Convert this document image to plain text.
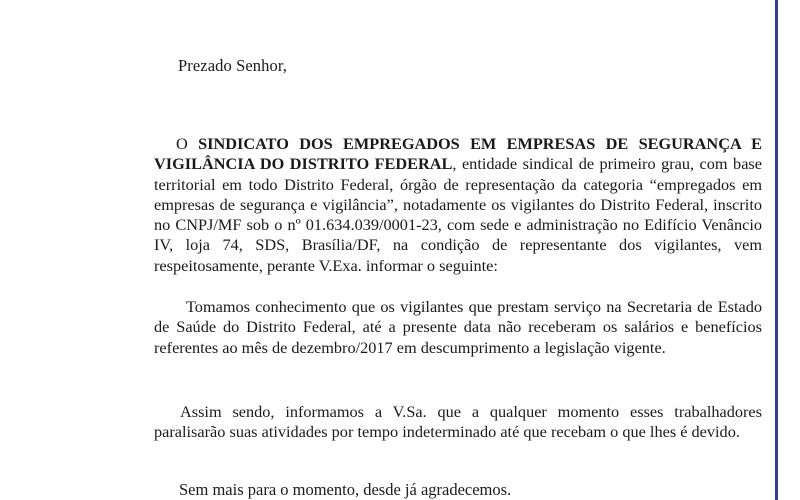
Prezado Senhor,

O SINDICATO DOS EMPREGADOS EM EMPRESAS DE SEGURANÇA E VIGILÂNCIA DO DISTRITO FEDERAL, entidade sindical de primeiro grau, com base territorial em todo Distrito Federal, órgão de representação da categoria “empregados em empresas de segurança e vigilância”, notadamente os vigilantes do Distrito Federal, inscrito no CNPJ/MF sob o nº 01.634.039/0001-23, com sede e administração no Edifício Venâncio IV, loja 74, SDS, Brasília/DF, na condição de representante dos vigilantes, vem respeitosamente, perante V.Exa. informar o seguinte:

Tomamos conhecimento que os vigilantes que prestam serviço na Secretaria de Estado de Saúde do Distrito Federal, até a presente data não receberam os salários e benefícios referentes ao mês de dezembro/2017 em descumprimento a legislação vigente.

Assim sendo, informamos a V.Sa. que a qualquer momento esses trabalhadores paralisarão suas atividades por tempo indeterminado até que recebam o que lhes é devido.

Sem mais para o momento, desde já agradecemos.
